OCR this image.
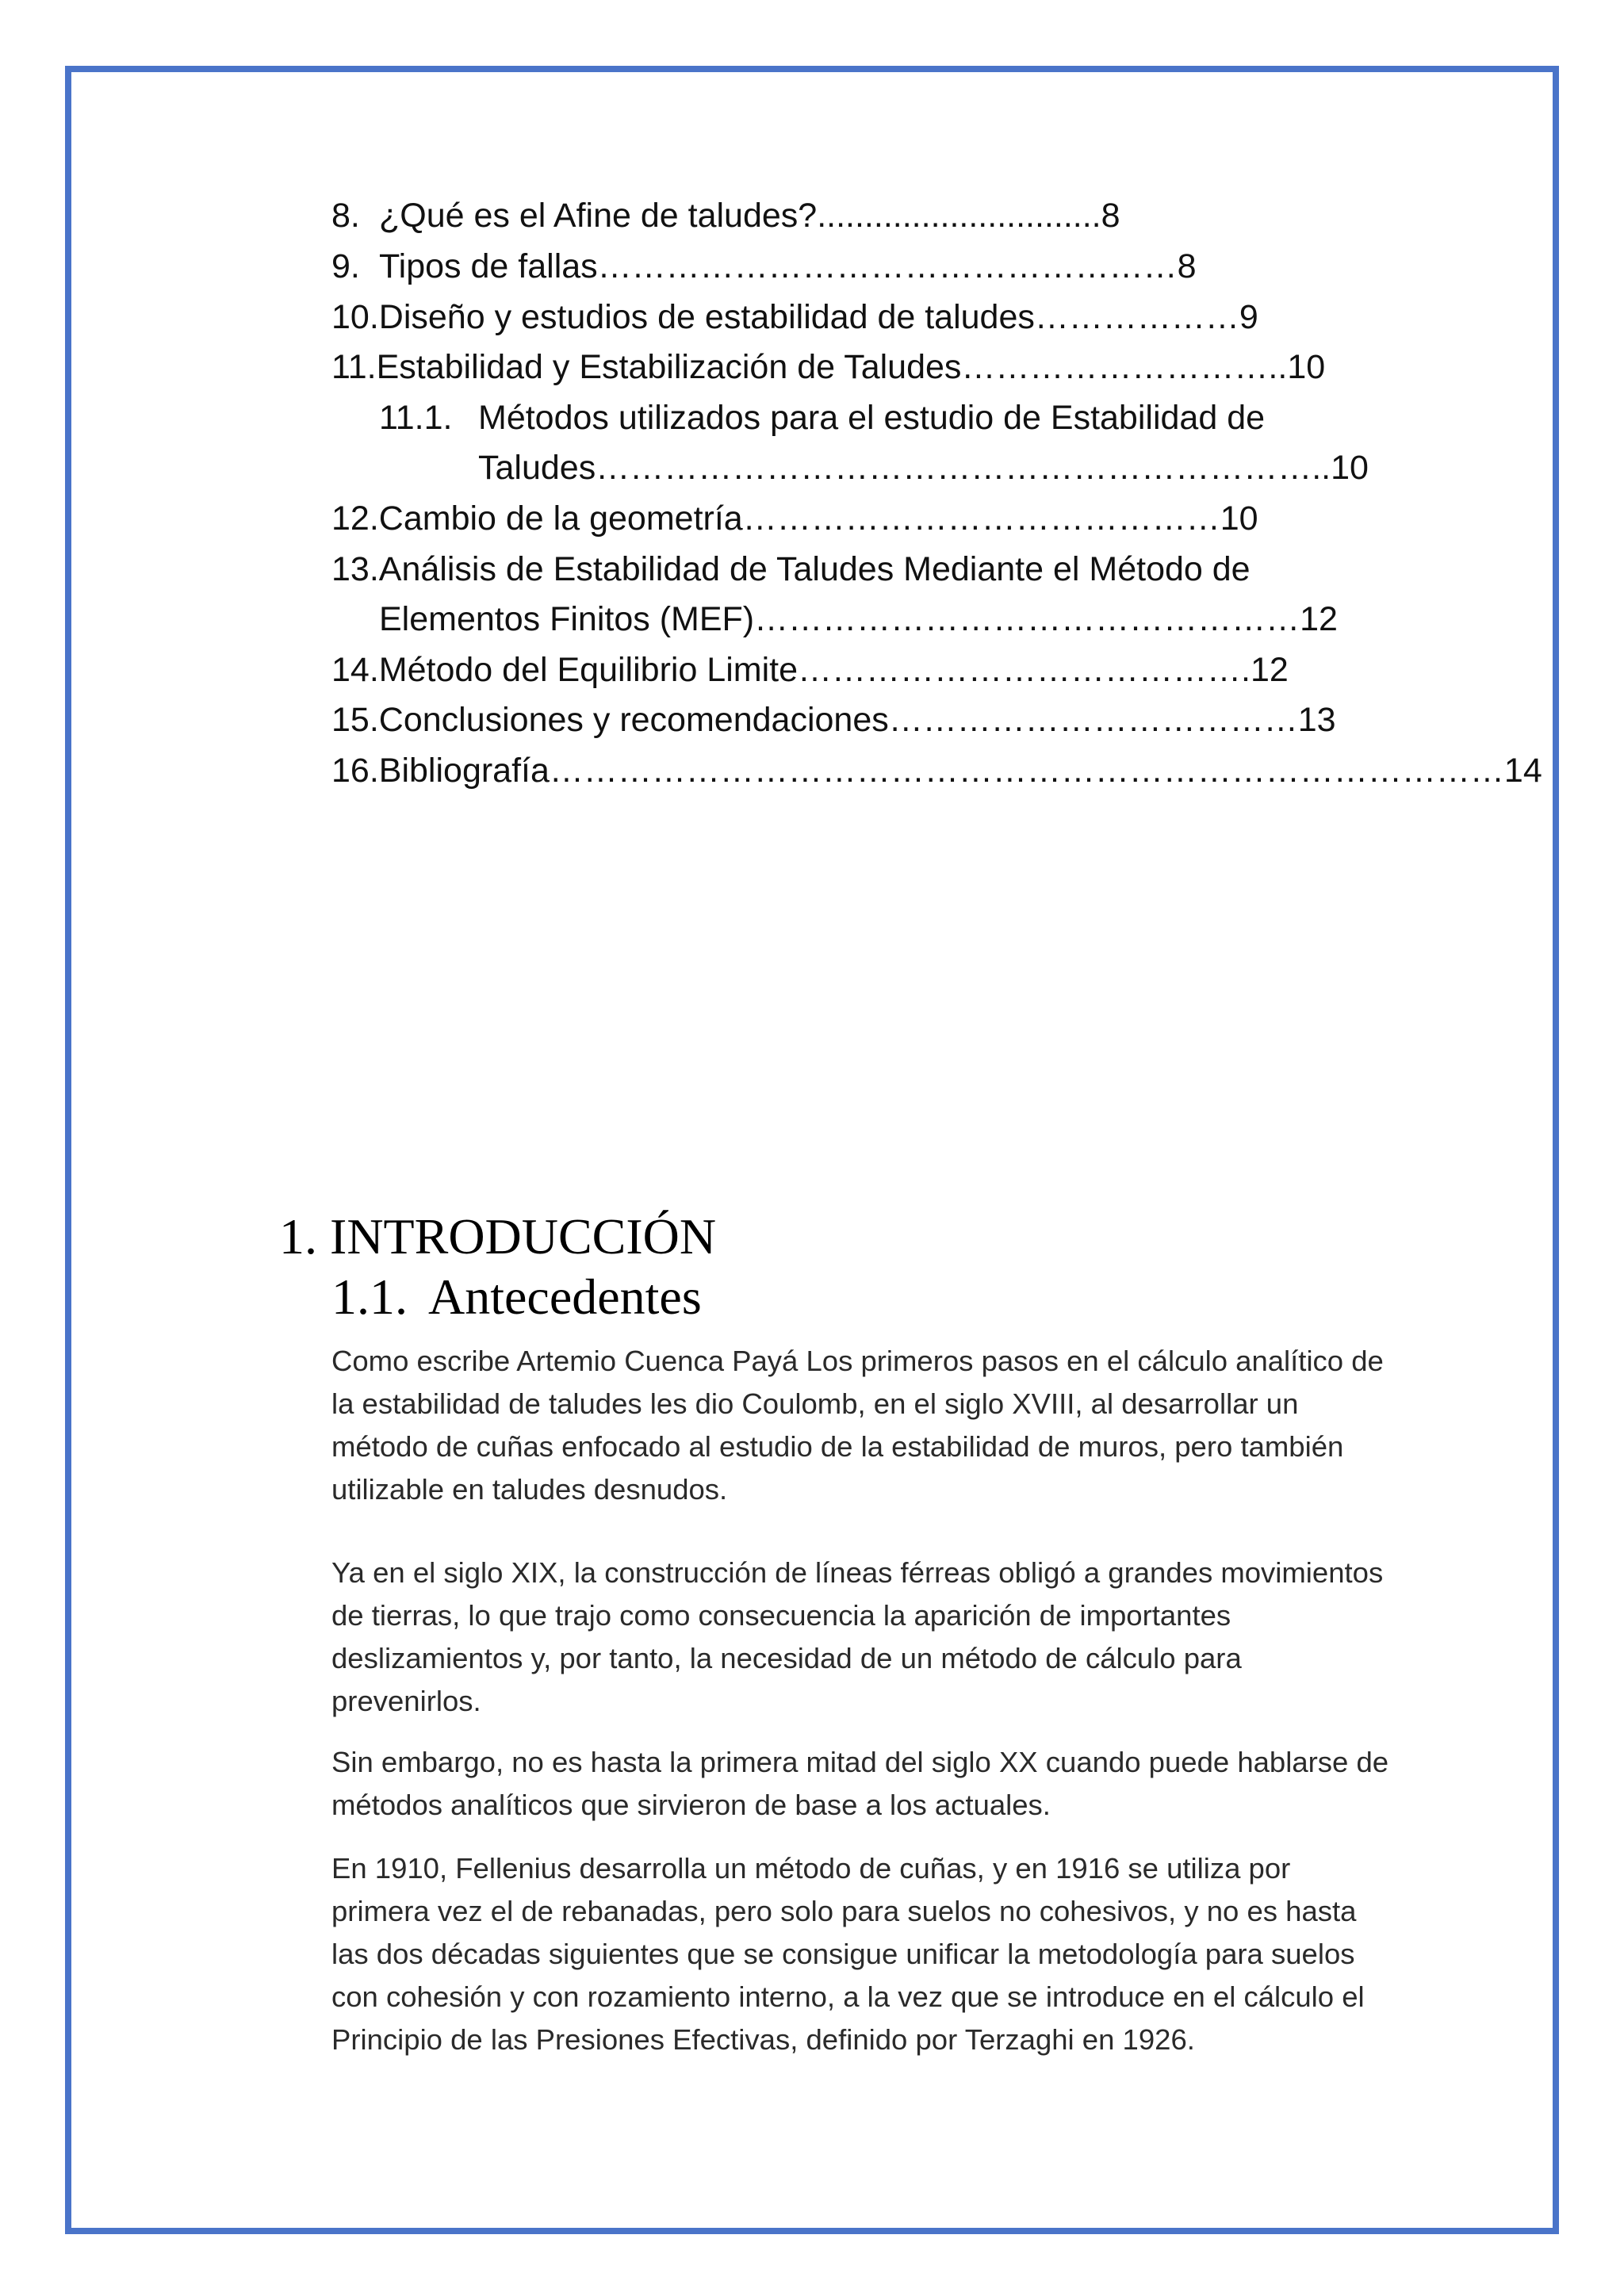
8. ¿Qué es el Afine de taludes?..............................8
9. Tipos de fallas……………………………………………8
10.Diseño y estudios de estabilidad de taludes………………9
11.Estabilidad y Estabilización de Taludes………………………..10
11.1. Métodos utilizados para el estudio de Estabilidad de
Taludes………………………………………………………..10
12.Cambio de la geometría……………………………………10
13.Análisis de Estabilidad de Taludes Mediante el Método de
Elementos Finitos (MEF)…………………………………………12
14.Método del Equilibrio Limite………………………………….12
15.Conclusiones y recomendaciones………………………………13
16.Bibliografía…………………………………………………………………………14
1. INTRODUCCIÓN
1.1. Antecedentes

Como escribe Artemio Cuenca Payá Los primeros pasos en el cálculo analítico de la estabilidad de taludes les dio Coulomb, en el siglo XVIII, al desarrollar un método de cuñas enfocado al estudio de la estabilidad de muros, pero también utilizable en taludes desnudos.

Ya en el siglo XIX, la construcción de líneas férreas obligó a grandes movimientos de tierras, lo que trajo como consecuencia la aparición de importantes deslizamientos y, por tanto, la necesidad de un método de cálculo para prevenirlos.

Sin embargo, no es hasta la primera mitad del siglo XX cuando puede hablarse de métodos analíticos que sirvieron de base a los actuales.

En 1910, Fellenius desarrolla un método de cuñas, y en 1916 se utiliza por primera vez el de rebanadas, pero solo para suelos no cohesivos, y no es hasta las dos décadas siguientes que se consigue unificar la metodología para suelos con cohesión y con rozamiento interno, a la vez que se introduce en el cálculo el Principio de las Presiones Efectivas, definido por Terzaghi en 1926.
